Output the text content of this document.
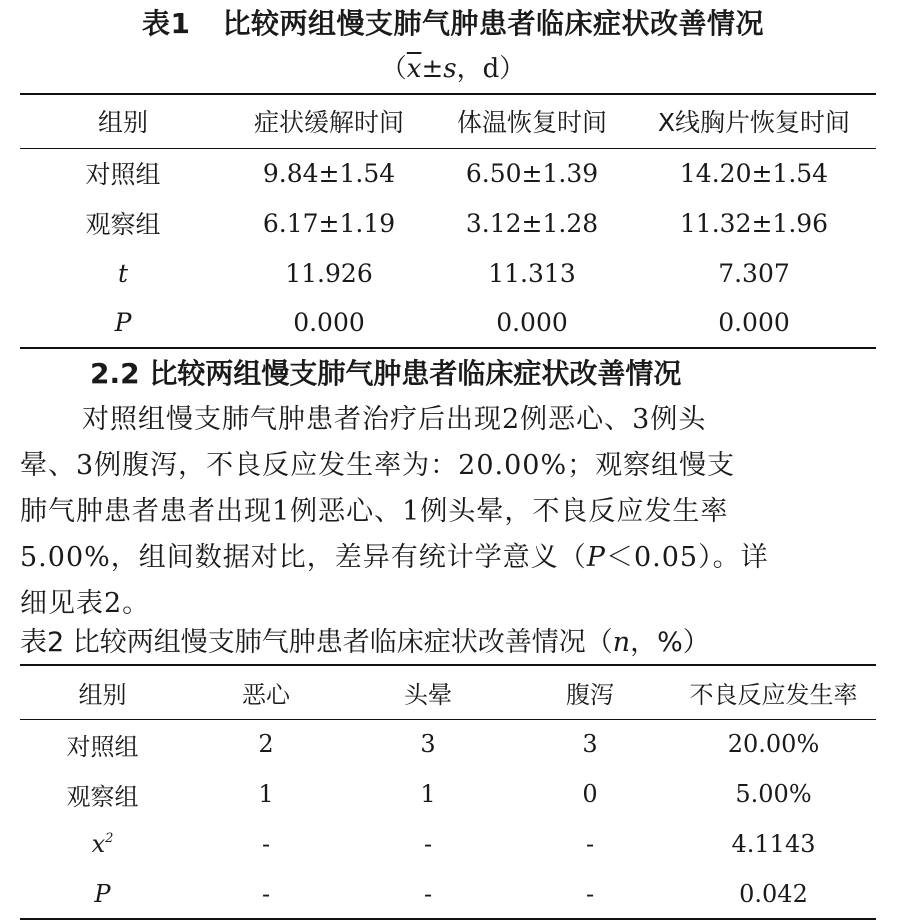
表1 比较两组慢支肺气肿患者临床症状改善情况
（$\overline{x}\pm s$，d）
组别	症状缓解时间	体温恢复时间	X线胸片恢复时间
对照组	9.84±1.54	6.50±1.39	14.20±1.54
观察组	6.17±1.19	3.12±1.28	11.32±1.96
t	11.926	11.313	7.307
P	0.000	0.000	0.000
2.2 比较两组慢支肺气肿患者临床症状改善情况
对照组慢支肺气肿患者治疗后出现2例恶心、3例头
晕、3例腹泻，不良反应发生率为：20.00%；观察组慢支
肺气肿患者患者出现1例恶心、1例头晕，不良反应发生率
5.00%，组间数据对比，差异有统计学意义（P＜0.05）。详
细见表2。
表2 比较两组慢支肺气肿患者临床症状改善情况（n，%）
组别	恶心	头晕	腹泻	不良反应发生率
对照组	2	3	3	20.00%
观察组	1	1	0	5.00%
$x^2$	-	-	-	4.1143
P	-	-	-	0.042
